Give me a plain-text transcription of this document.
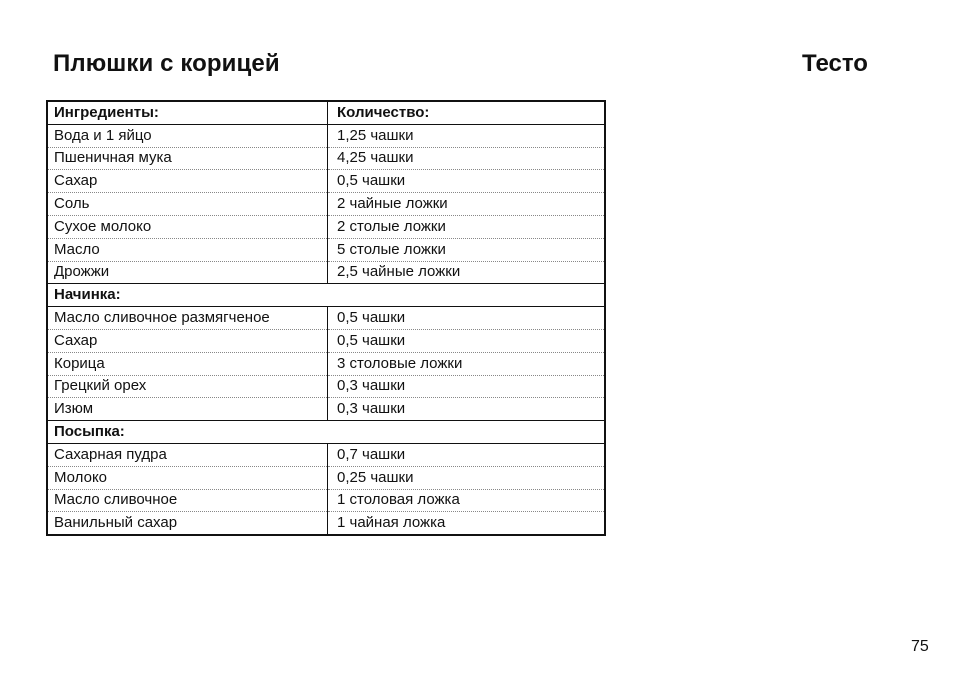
Плюшки с корицей	Тесто
Ингредиенты:	Количество:
Вода и 1 яйцо	1,25 чашки
Пшеничная мука	4,25 чашки
Сахар	0,5 чашки
Соль	2 чайные ложки
Сухое молоко	2 столые ложки
Масло	5 столые ложки
Дрожжи	2,5 чайные ложки
Начинка:	
Масло сливочное размягченое	0,5 чашки
Сахар	0,5 чашки
Корица	3 столовые ложки
Грецкий орех	0,3 чашки
Изюм	0,3 чашки
Посыпка:	
Сахарная пудра	0,7 чашки
Молоко	0,25 чашки
Масло сливочное	1 столовая ложка
Ванильный сахар	1 чайная ложка
75
